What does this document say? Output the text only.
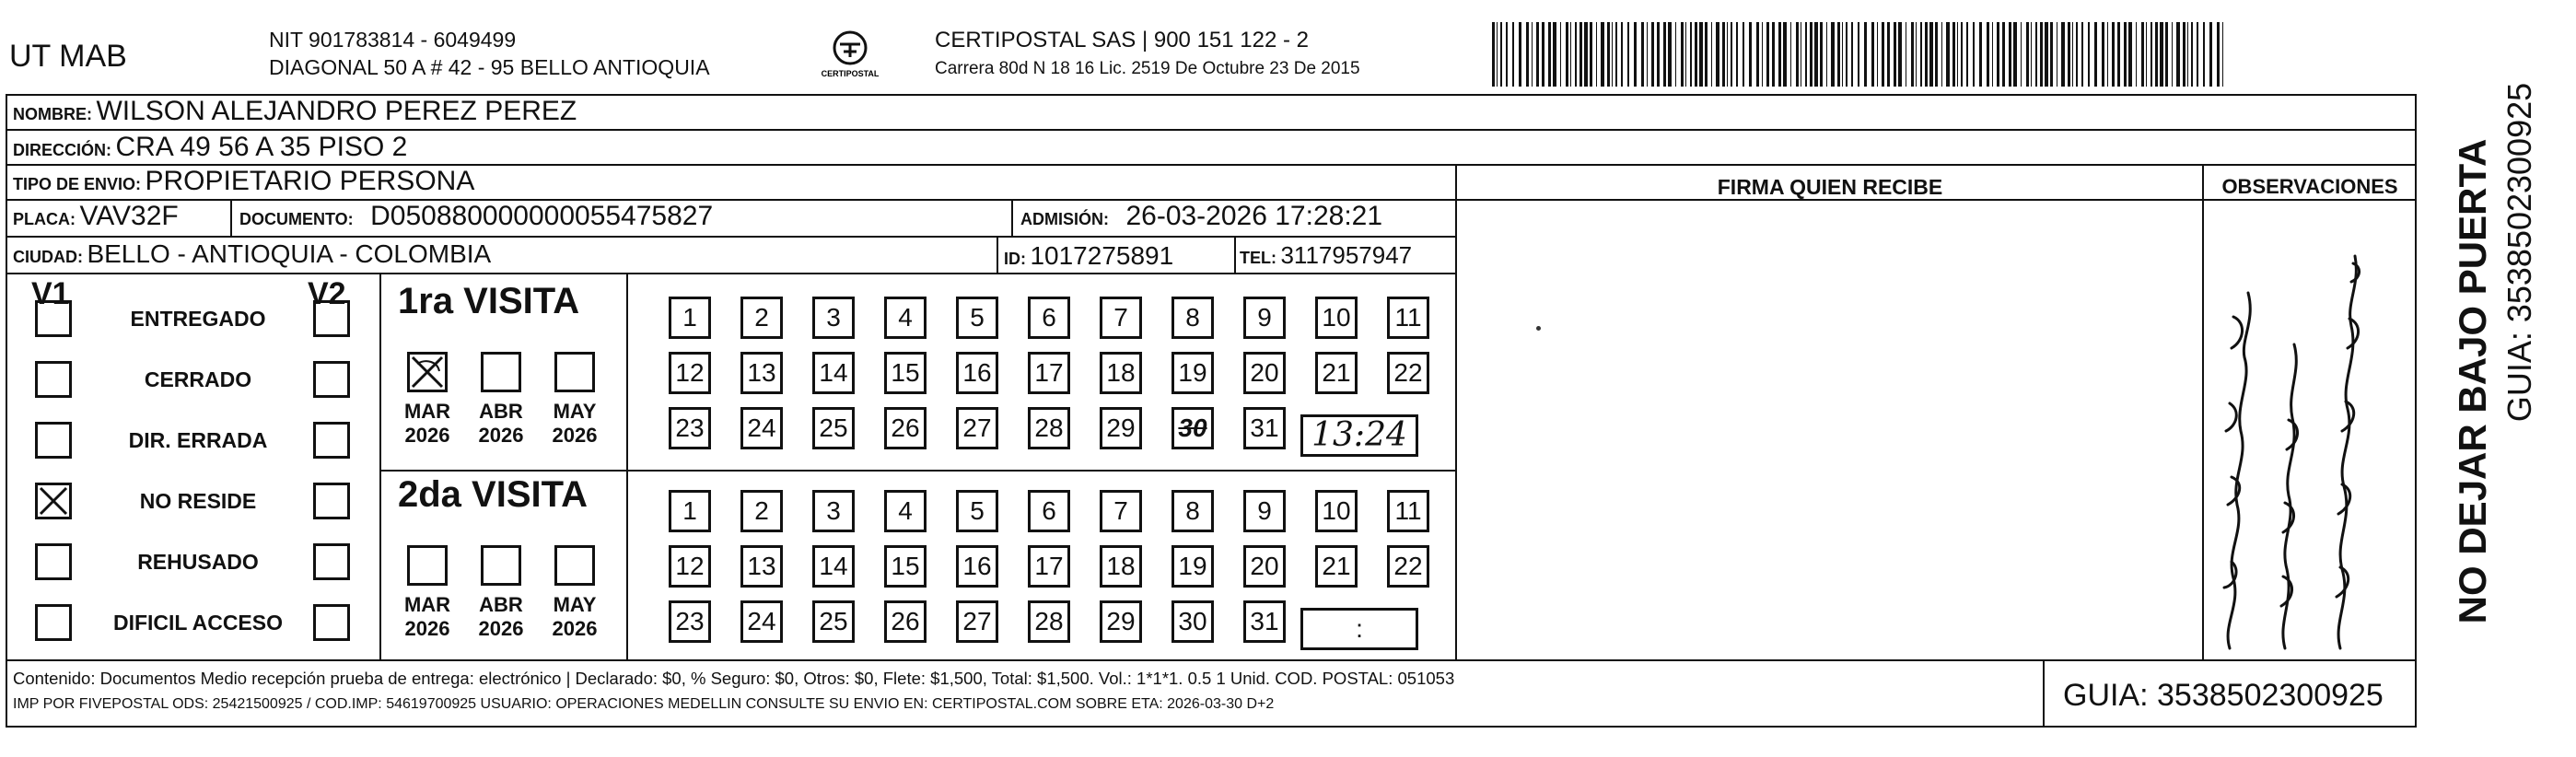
UT MAB	NIT 901783814 - 6049499
DIAGONAL 50 A # 42 - 95 BELLO ANTIOQUIA	CERTIPOSTAL
CERTIPOSTAL SAS | 900 151 122 - 2
Carrera 80d N 18 16 Lic. 2519 De Octubre 23 De 2015
NOMBRE: WILSON ALEJANDRO PEREZ PEREZ
DIRECCIÓN: CRA 49 56 A 35 PISO 2
TIPO DE ENVIO: PROPIETARIO PERSONA	FIRMA QUIEN RECIBE	OBSERVACIONES
PLACA: VAV32F	DOCUMENTO: D050880000000055475827	ADMISIÓN: 26-03-2026 17:28:21
CIUDAD: BELLO - ANTIOQUIA - COLOMBIA	ID: 1017275891	TEL: 3117957947
V1	V2
ENTREGADO
CERRADO
DIR. ERRADA
NO RESIDE
REHUSADO
DIFICIL ACCESO
1ra VISITA
2da VISITA
MAR
2026
ABR
2026
MAY
2026
1	2	3	4	5	6	7	8	9	10	11
12 13 14 15 16 17 18 19 20 21 22
23 24 25 26 27 28 29 30 31
MAR
2026
ABR
2026
MAY
2026
1	2	3	4	5	6	7	8	9	10	11
12 13 14 15 16 17 18 19 20 21 22
23 24 25 26 27 28 29 30 31
13:24
:
Contenido: Documentos Medio recepción prueba de entrega: electrónico | Declarado: $0, % Seguro: $0, Otros: $0, Flete: $1,500, Total: $1,500. Vol.: 1*1*1. 0.5 1 Unid. COD. POSTAL: 051053
IMP POR FIVEPOSTAL ODS: 25421500925 / COD.IMP: 54619700925 USUARIO: OPERACIONES MEDELLIN CONSULTE SU ENVIO EN: CERTIPOSTAL.COM SOBRE ETA: 2026-03-30 D+2	GUIA: 3538502300925
NO DEJAR BAJO PUERTA GUIA: 3538502300925
